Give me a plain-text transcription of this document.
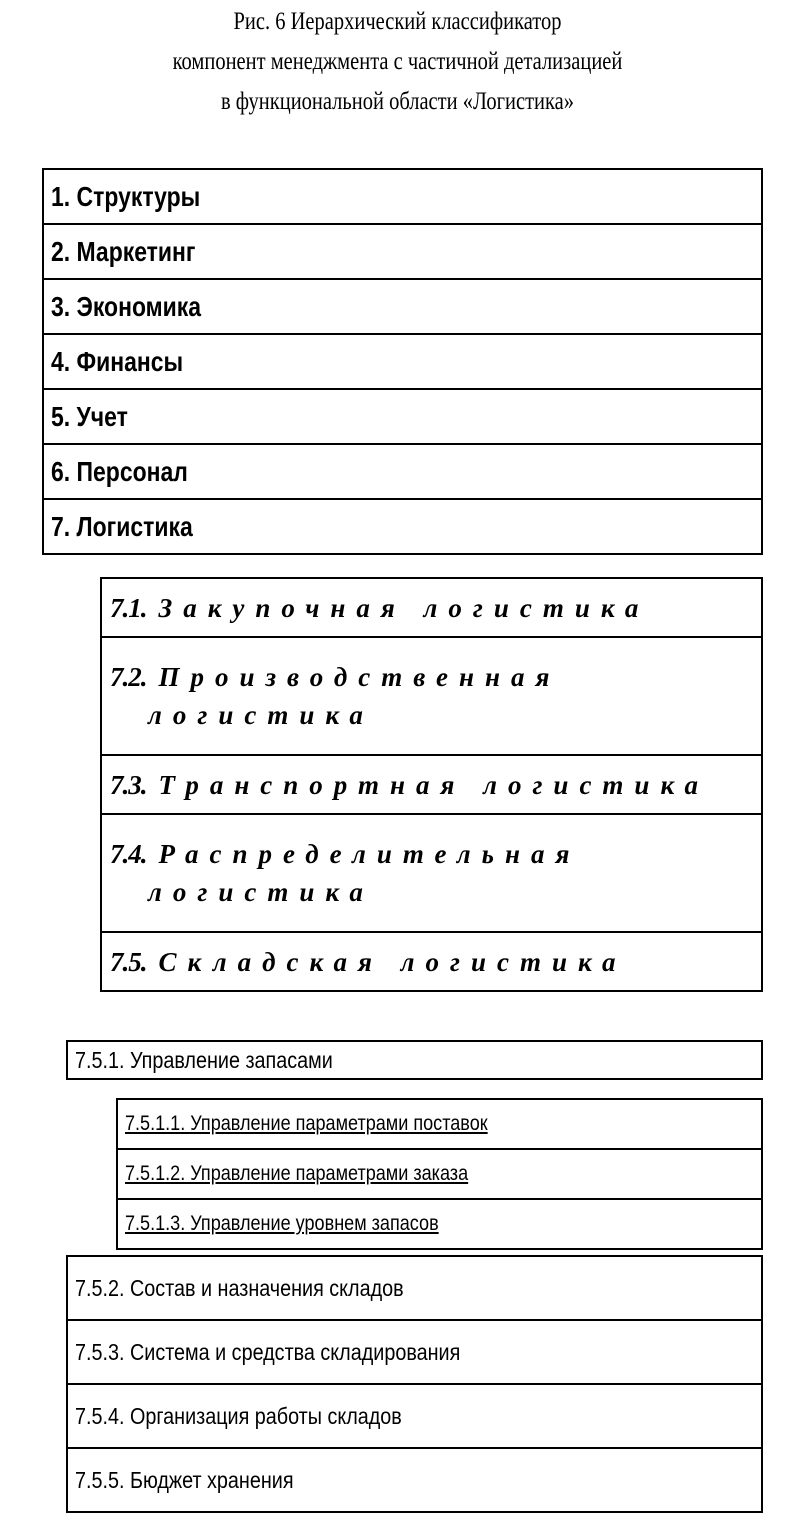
Рис. 6 Иерархический классификатор
компонент менеджмента с частичной детализацией
в функциональной области «Логистика»
1. Структуры
2. Маркетинг
3. Экономика
4. Финансы
5. Учет
6. Персонал
7. Логистика
7.1. Закупочная логистика
7.2. Производственная
логистика

7.3. Транспортная логистика
7.4. Распределительная
логистика

7.5. Складская логистика
7.5.1. Управление запасами
7.5.1.1. Управление параметрами поставок
7.5.1.2. Управление параметрами заказа
7.5.1.3. Управление уровнем запасов
7.5.2. Состав и назначения складов
7.5.3. Система и средства складирования
7.5.4. Организация работы складов
7.5.5. Бюджет хранения
